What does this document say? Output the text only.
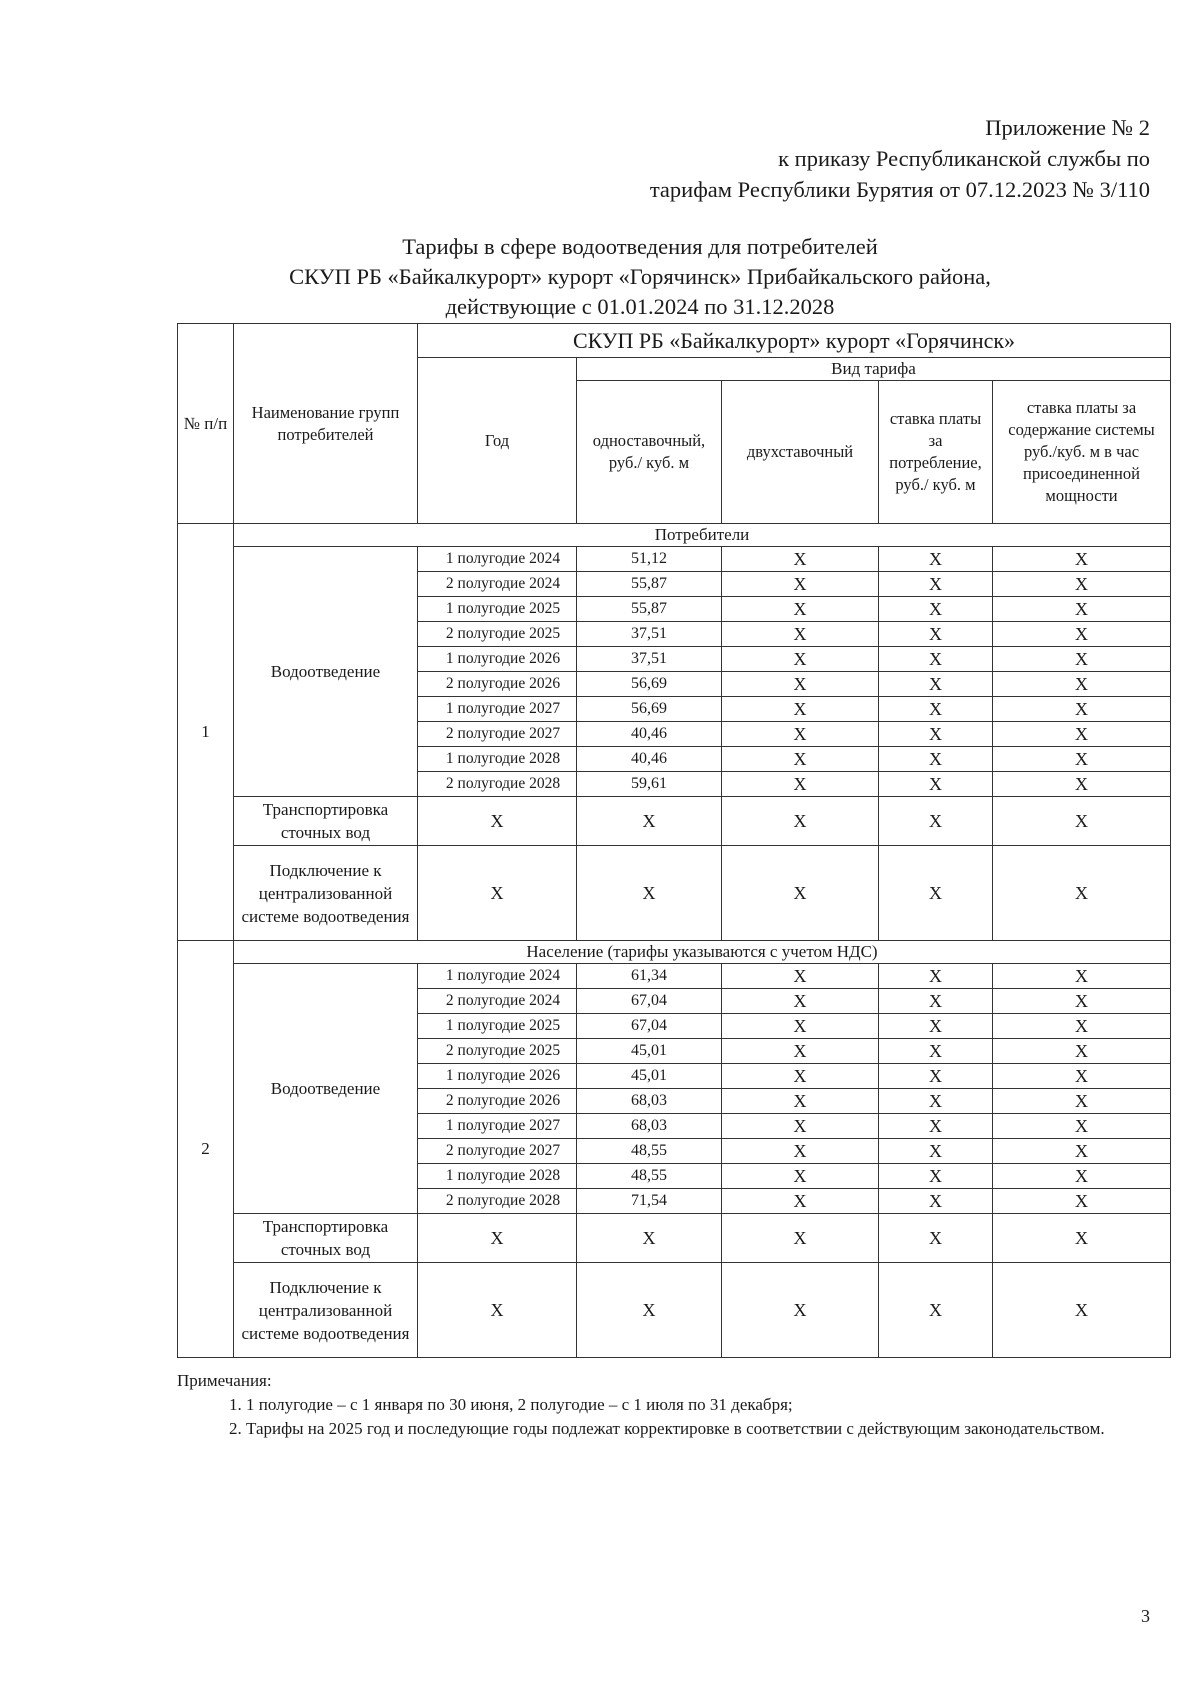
Приложение № 2
к приказу Республиканской службы по
тарифам Республики Бурятия от 07.12.2023 № 3/110
Тарифы в сфере водоотведения для потребителей
СКУП РБ «Байкалкурорт» курорт «Горячинск» Прибайкальского района,
действующие с 01.01.2024 по 31.12.2028
№ п/п	Наименование групп потребителей	СКУП РБ «Байкалкурорт» курорт «Горячинск»				
		Год	Вид тарифа			
			одноставочный, руб./ куб. м	двухставочный	ставка платы за потребление, руб./ куб. м	ставка платы за содержание системы руб./куб. м в час присоединенной мощности
1	Потребители					
	Водоотведение	1 полугодие 2024	51,12	X	X	X
		2 полугодие 2024	55,87	X	X	X
		1 полугодие 2025	55,87	X	X	X
		2 полугодие 2025	37,51	X	X	X
		1 полугодие 2026	37,51	X	X	X
		2 полугодие 2026	56,69	X	X	X
		1 полугодие 2027	56,69	X	X	X
		2 полугодие 2027	40,46	X	X	X
		1 полугодие 2028	40,46	X	X	X
		2 полугодие 2028	59,61	X	X	X
	Транспортировка сточных вод	X	X	X	X	X
	Подключение к централизованной системе водоотведения	X	X	X	X	X
2	Население (тарифы указываются с учетом НДС)					
	Водоотведение	1 полугодие 2024	61,34	X	X	X
		2 полугодие 2024	67,04	X	X	X
		1 полугодие 2025	67,04	X	X	X
		2 полугодие 2025	45,01	X	X	X
		1 полугодие 2026	45,01	X	X	X
		2 полугодие 2026	68,03	X	X	X
		1 полугодие 2027	68,03	X	X	X
		2 полугодие 2027	48,55	X	X	X
		1 полугодие 2028	48,55	X	X	X
		2 полугодие 2028	71,54	X	X	X
	Транспортировка сточных вод	X	X	X	X	X
	Подключение к централизованной системе водоотведения	X	X	X	X	X
Примечания:
1. 1 полугодие – с 1 января по 30 июня, 2 полугодие – с 1 июля по 31 декабря;
2. Тарифы на 2025 год и последующие годы подлежат корректировке в соответствии с действующим законодательством.
3
